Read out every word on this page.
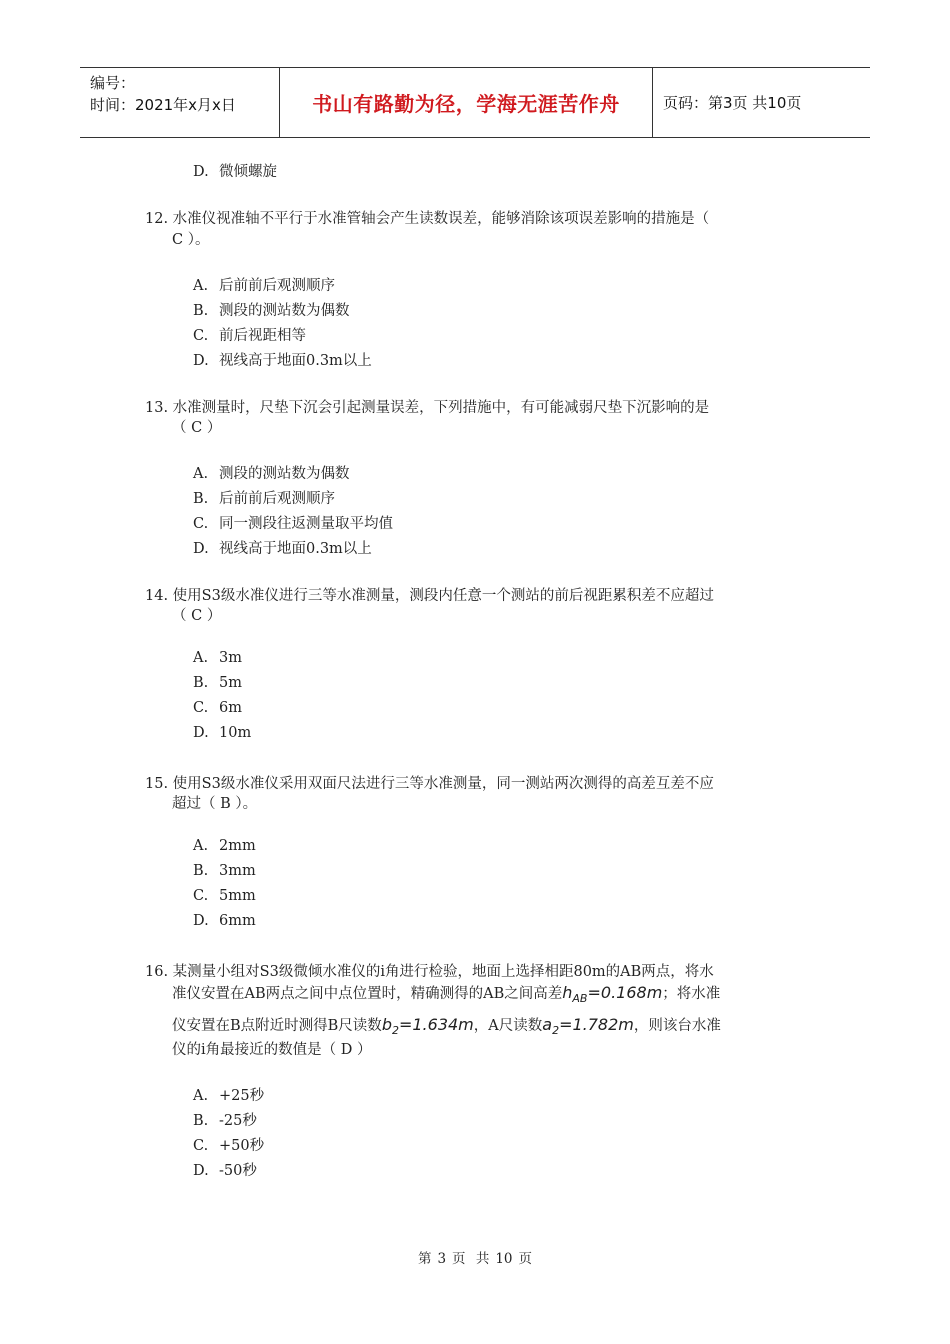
编号：
时间：2021年x月x日	书山有路勤为径，学海无涯苦作舟	页码：第3页 共10页
D. 微倾螺旋
12. 水准仪视准轴不平行于水准管轴会产生读数误差，能够消除该项误差影响的措施是（
C ）。
A. 后前前后观测顺序
B. 测段的测站数为偶数
C. 前后视距相等
D. 视线高于地面0.3m以上
13. 水准测量时，尺垫下沉会引起测量误差，下列措施中，有可能减弱尺垫下沉影响的是
（ C ）
A. 测段的测站数为偶数
B. 后前前后观测顺序
C. 同一测段往返测量取平均值
D. 视线高于地面0.3m以上
14. 使用S3级水准仪进行三等水准测量，测段内任意一个测站的前后视距累积差不应超过
（ C ）
A. 3m
B. 5m
C. 6m
D. 10m
15. 使用S3级水准仪采用双面尺法进行三等水准测量，同一测站两次测得的高差互差不应
超过（ B ）。
A. 2mm
B. 3mm
C. 5mm
D. 6mm
16. 某测量小组对S3级微倾水准仪的i角进行检验，地面上选择相距80m的AB两点，将水
准仪安置在AB两点之间中点位置时，精确测得的AB之间高差$h_{AB}=0.168m$；将水准
仪安置在B点附近时测得B尺读数$b_2=1.634m$，A尺读数$a_2=1.782m$，则该台水准
仪的i角最接近的数值是（ D ）
A. +25秒
B. -25秒
C. +50秒
D. -50秒
第 3 页 共 10 页
